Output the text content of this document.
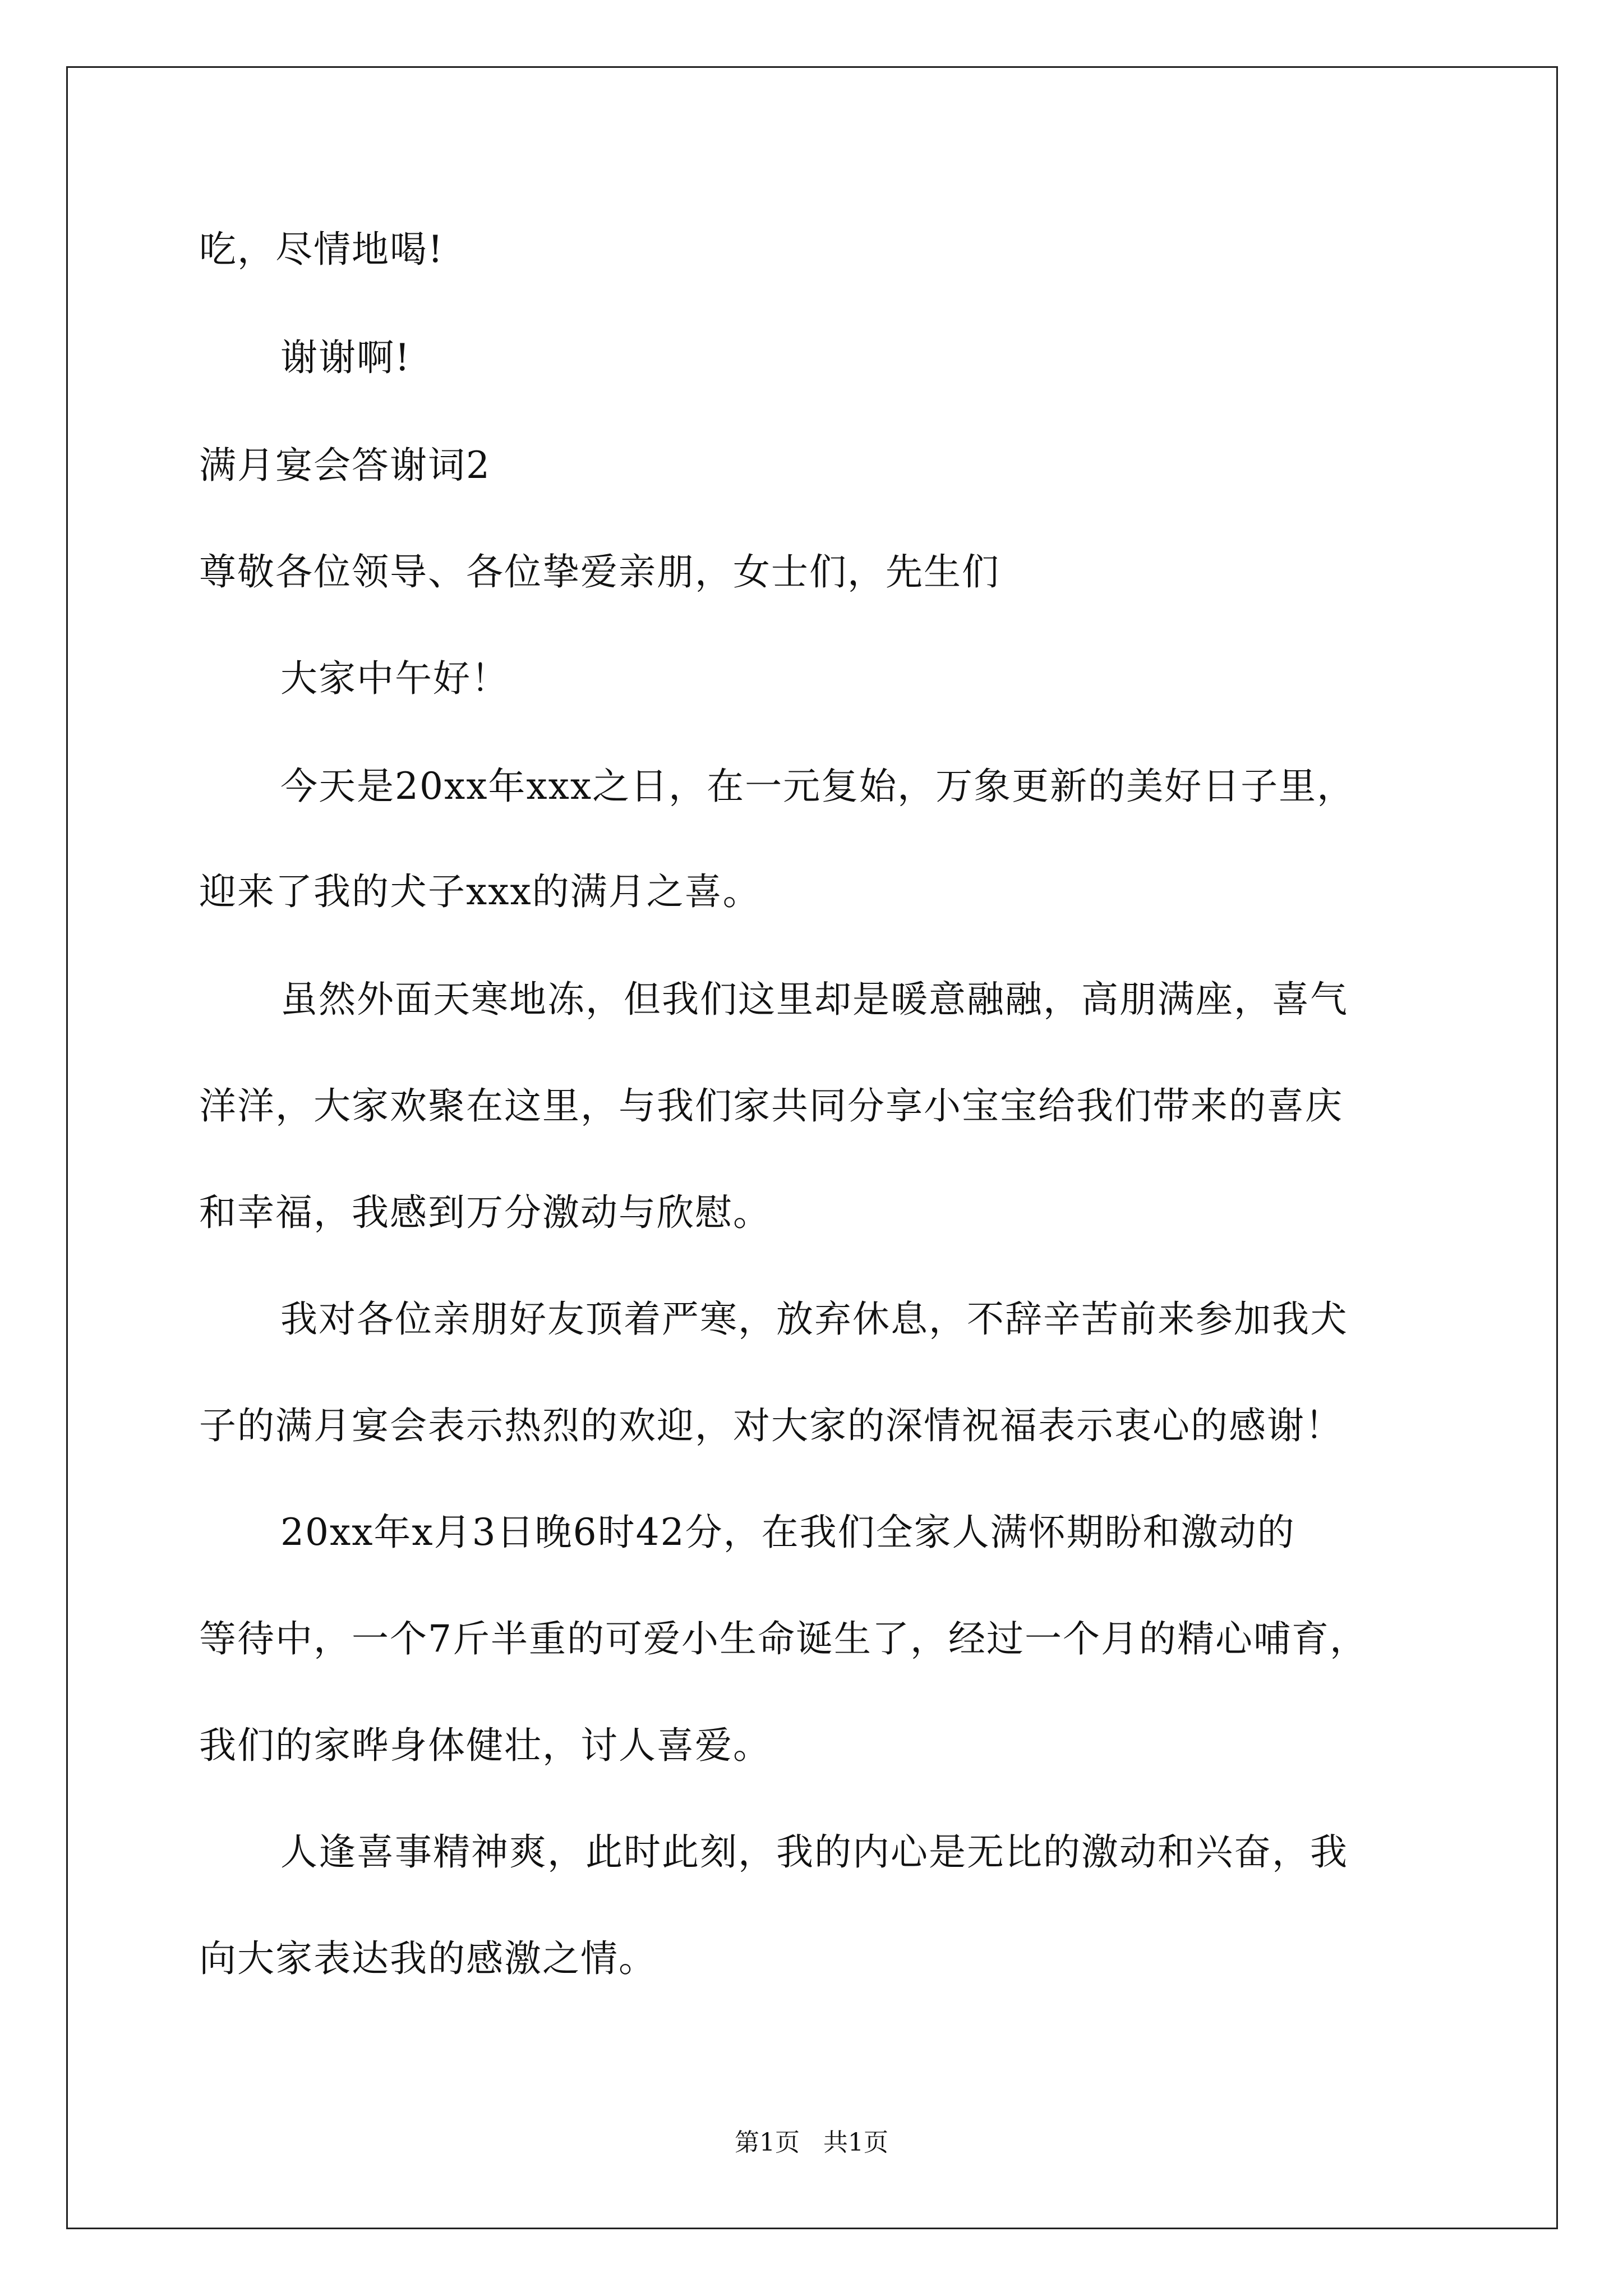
吃，尽情地喝!
谢谢啊!
满月宴会答谢词2
尊敬各位领导、各位挚爱亲朋，女士们，先生们
大家中午好！
今天是20xx年xxx之日，在一元复始，万象更新的美好日子里，
迎来了我的犬子xxx的满月之喜。
虽然外面天寒地冻，但我们这里却是暖意融融，高朋满座，喜气
洋洋，大家欢聚在这里，与我们家共同分享小宝宝给我们带来的喜庆
和幸福，我感到万分激动与欣慰。
我对各位亲朋好友顶着严寒，放弃休息，不辞辛苦前来参加我犬
子的满月宴会表示热烈的欢迎，对大家的深情祝福表示衷心的感谢！
20xx年x月3日晚6时42分，在我们全家人满怀期盼和激动的
等待中，一个7斤半重的可爱小生命诞生了，经过一个月的精心哺育，
我们的家晔身体健壮，讨人喜爱。
人逢喜事精神爽，此时此刻，我的内心是无比的激动和兴奋，我
向大家表达我的感激之情。
第1页   共1页
